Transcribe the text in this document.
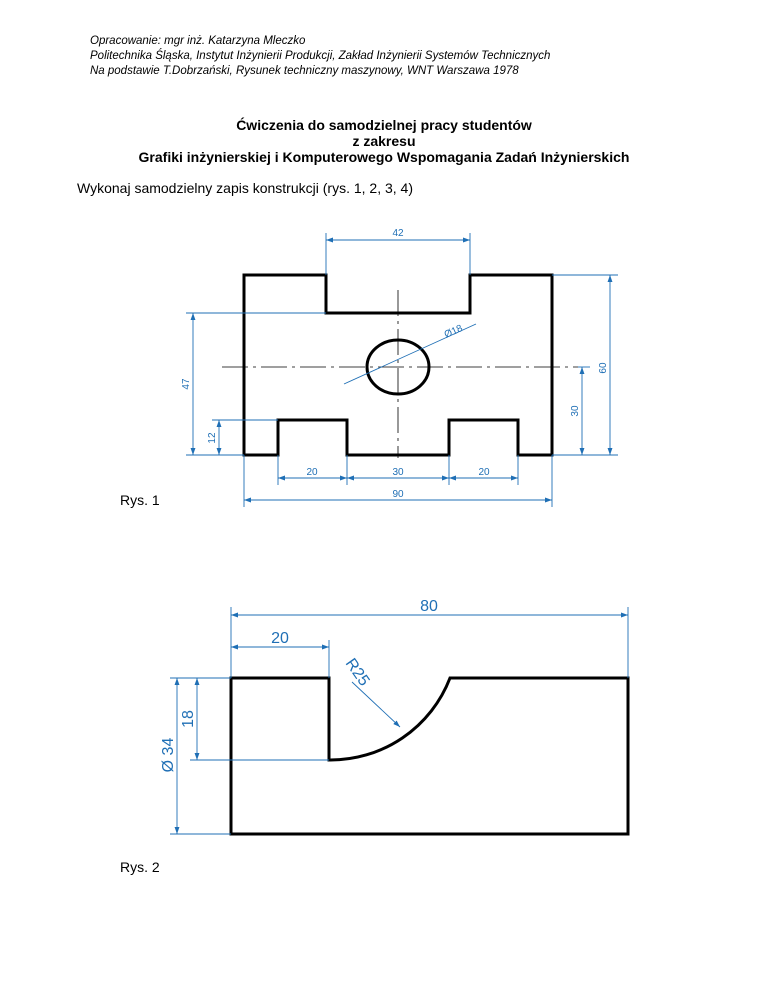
Opracowanie: mgr inż. Katarzyna Mleczko
Politechnika Śląska, Instytut Inżynierii Produkcji, Zakład Inżynierii Systemów Technicznych
Na podstawie T.Dobrzański, Rysunek techniczny maszynowy, WNT Warszawa 1978
Ćwiczenia do samodzielnej pracy studentów
z zakresu
Grafiki inżynierskiej i Komputerowego Wspomagania Zadań Inżynierskich
Wykonaj samodzielny zapis konstrukcji (rys. 1, 2, 3, 4)
42
Ø18
60
30
47
12
20	30	20
90
80
20
R25
18
Ø 34
Rys. 1
Rys. 2
